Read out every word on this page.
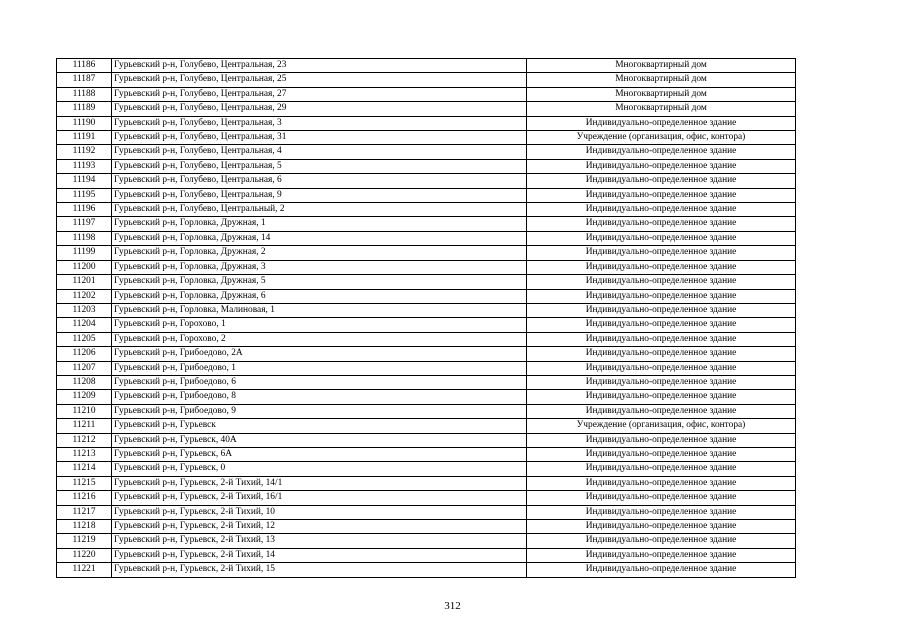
11186	Гурьевский р-н, Голубево, Центральная, 23	Многоквартирный дом
11187	Гурьевский р-н, Голубево, Центральная, 25	Многоквартирный дом
11188	Гурьевский р-н, Голубево, Центральная, 27	Многоквартирный дом
11189	Гурьевский р-н, Голубево, Центральная, 29	Многоквартирный дом
11190	Гурьевский р-н, Голубево, Центральная, 3	Индивидуально-определенное здание
11191	Гурьевский р-н, Голубево, Центральная, 31	Учреждение (организация, офис, контора)
11192	Гурьевский р-н, Голубево, Центральная, 4	Индивидуально-определенное здание
11193	Гурьевский р-н, Голубево, Центральная, 5	Индивидуально-определенное здание
11194	Гурьевский р-н, Голубево, Центральная, 6	Индивидуально-определенное здание
11195	Гурьевский р-н, Голубево, Центральная, 9	Индивидуально-определенное здание
11196	Гурьевский р-н, Голубево, Центральный, 2	Индивидуально-определенное здание
11197	Гурьевский р-н, Горловка, Дружная, 1	Индивидуально-определенное здание
11198	Гурьевский р-н, Горловка, Дружная, 14	Индивидуально-определенное здание
11199	Гурьевский р-н, Горловка, Дружная, 2	Индивидуально-определенное здание
11200	Гурьевский р-н, Горловка, Дружная, 3	Индивидуально-определенное здание
11201	Гурьевский р-н, Горловка, Дружная, 5	Индивидуально-определенное здание
11202	Гурьевский р-н, Горловка, Дружная, 6	Индивидуально-определенное здание
11203	Гурьевский р-н, Горловка, Малиновая, 1	Индивидуально-определенное здание
11204	Гурьевский р-н, Горохово, 1	Индивидуально-определенное здание
11205	Гурьевский р-н, Горохово, 2	Индивидуально-определенное здание
11206	Гурьевский р-н, Грибоедово, 2А	Индивидуально-определенное здание
11207	Гурьевский р-н, Грибоедово, 1	Индивидуально-определенное здание
11208	Гурьевский р-н, Грибоедово, 6	Индивидуально-определенное здание
11209	Гурьевский р-н, Грибоедово, 8	Индивидуально-определенное здание
11210	Гурьевский р-н, Грибоедово, 9	Индивидуально-определенное здание
11211	Гурьевский р-н, Гурьевск	Учреждение (организация, офис, контора)
11212	Гурьевский р-н, Гурьевск, 40А	Индивидуально-определенное здание
11213	Гурьевский р-н, Гурьевск, 6А	Индивидуально-определенное здание
11214	Гурьевский р-н, Гурьевск, 0	Индивидуально-определенное здание
11215	Гурьевский р-н, Гурьевск, 2-й Тихий, 14/1	Индивидуально-определенное здание
11216	Гурьевский р-н, Гурьевск, 2-й Тихий, 16/1	Индивидуально-определенное здание
11217	Гурьевский р-н, Гурьевск, 2-й Тихий, 10	Индивидуально-определенное здание
11218	Гурьевский р-н, Гурьевск, 2-й Тихий, 12	Индивидуально-определенное здание
11219	Гурьевский р-н, Гурьевск, 2-й Тихий, 13	Индивидуально-определенное здание
11220	Гурьевский р-н, Гурьевск, 2-й Тихий, 14	Индивидуально-определенное здание
11221	Гурьевский р-н, Гурьевск, 2-й Тихий, 15	Индивидуально-определенное здание
312
